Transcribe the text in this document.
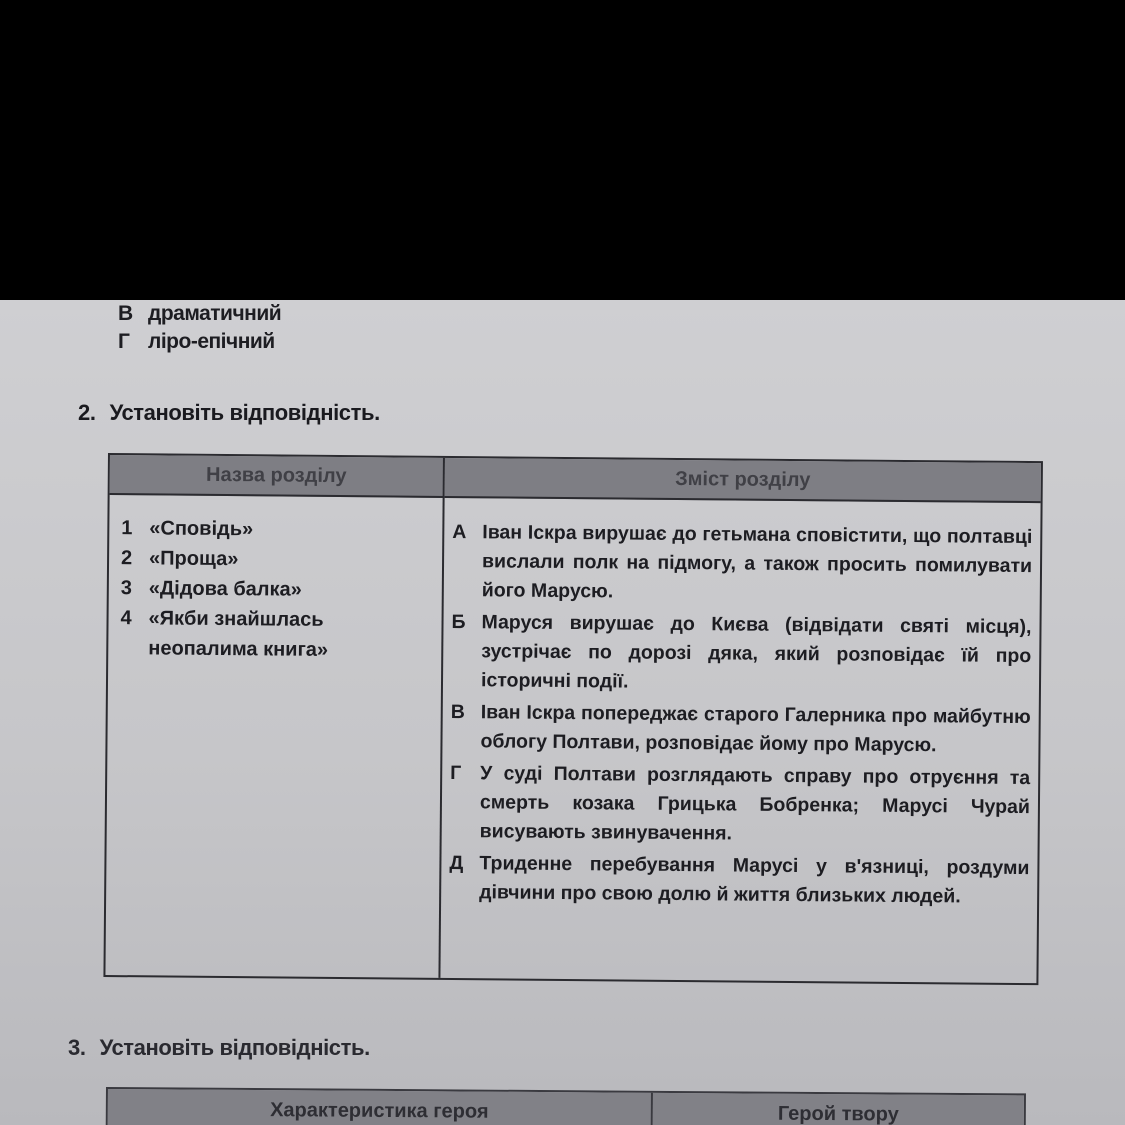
В драматичний
Г ліро-епічний
2. Установіть відповідність.
Назва розділу	Зміст розділу
1 «Сповідь»
2 «Проща»
3 «Дідова балка»
4 «Якби знайшлась неопалима книга»
А Іван Іскра вирушає до гетьмана сповістити, що полтавці вислали полк на підмогу, а також просить помилувати його Марусю.
Б Маруся вирушає до Києва (відвідати святі місця), зустрічає по дорозі дяка, який розповідає їй про історичні події.
В Іван Іскра попереджає старого Галерника про майбутню облогу Полтави, розповідає йому про Марусю.
Г У суді Полтави розглядають справу про отруєння та смерть козака Грицька Бобренка; Марусі Чурай висувають звинувачення.
Д Триденне перебування Марусі у в'язниці, роздуми дівчини про свою долю й життя близьких людей.
3. Установіть відповідність.
Характеристика героя	Герой твору
